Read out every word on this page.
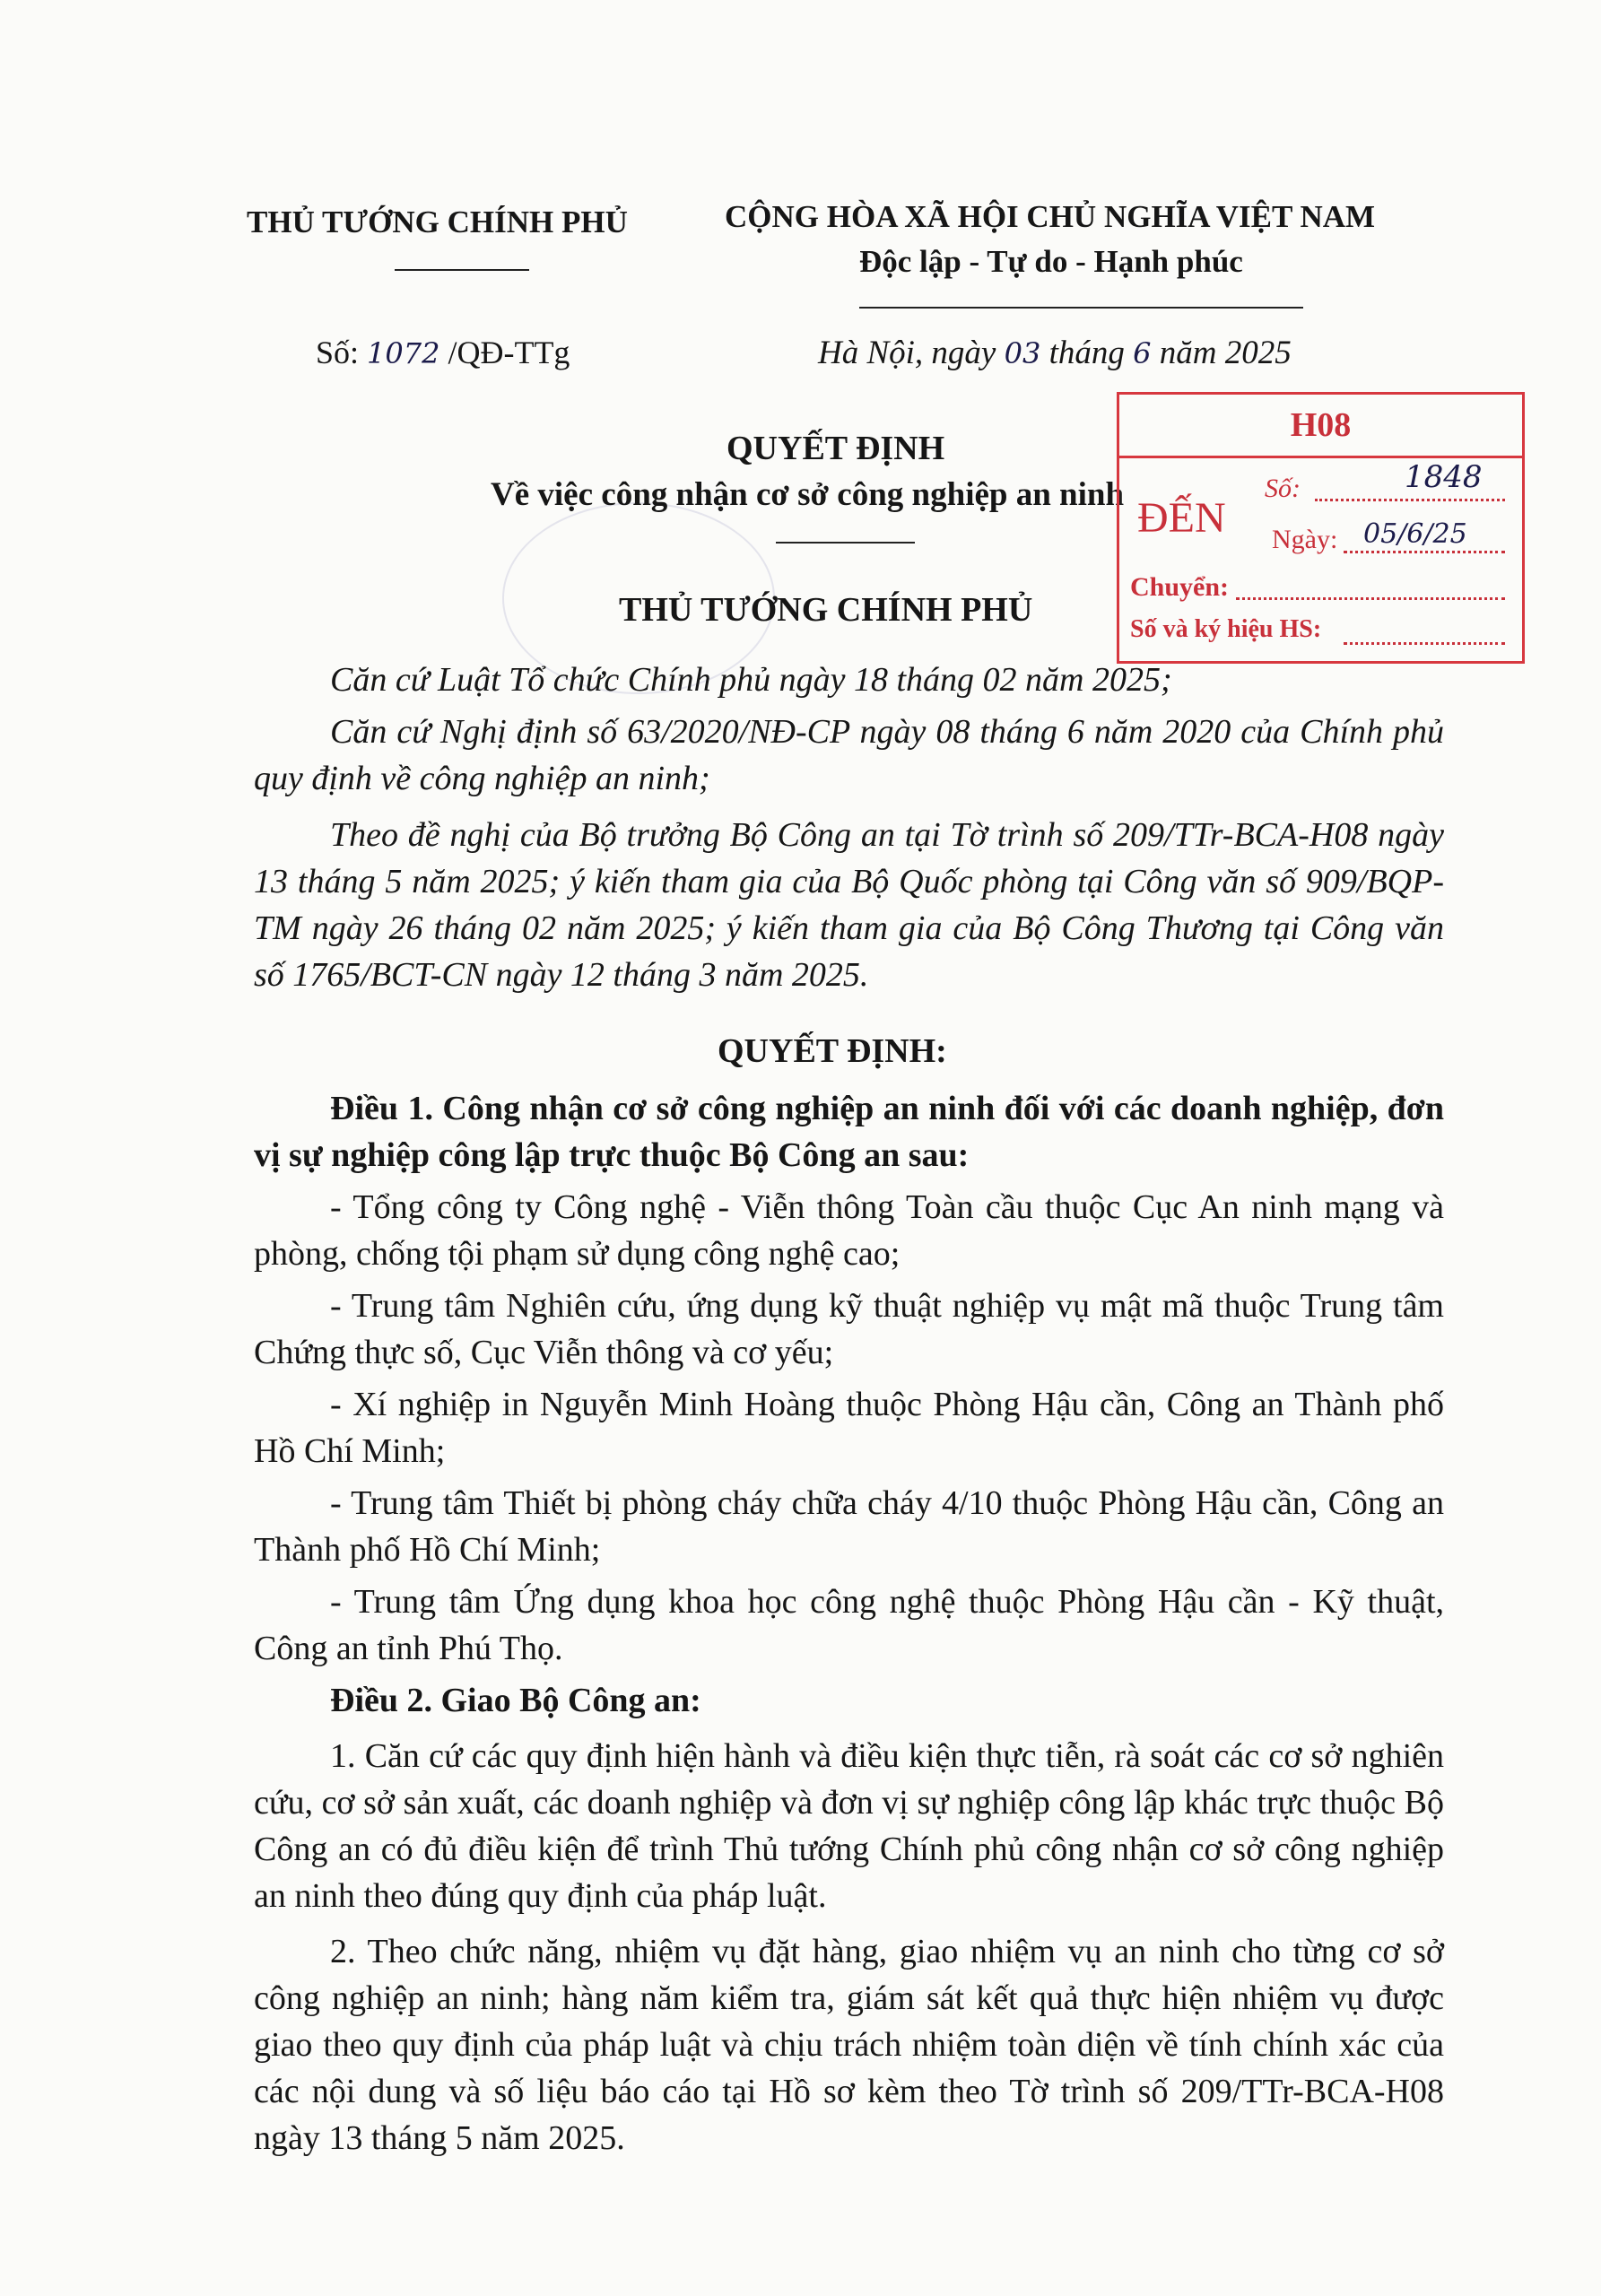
THỦ TƯỚNG CHÍNH PHỦ	CỘNG HÒA XÃ HỘI CHỦ NGHĨA VIỆT NAM
Độc lập - Tự do - Hạnh phúc
Số: 1072 /QĐ-TTg	Hà Nội, ngày 03 tháng 6 năm 2025
QUYẾT ĐỊNH
Về việc công nhận cơ sở công nghiệp an ninh
THỦ TƯỚNG CHÍNH PHỦ
H08
ĐẾN
Số:	1848
Ngày: 05/6/25
Chuyển:
Số và ký hiệu HS:
Căn cứ Luật Tổ chức Chính phủ ngày 18 tháng 02 năm 2025;
Căn cứ Nghị định số 63/2020/NĐ-CP ngày 08 tháng 6 năm 2020 của Chính phủ quy định về công nghiệp an ninh;
Theo đề nghị của Bộ trưởng Bộ Công an tại Tờ trình số 209/TTr-BCA-H08 ngày 13 tháng 5 năm 2025; ý kiến tham gia của Bộ Quốc phòng tại Công văn số 909/BQP-TM ngày 26 tháng 02 năm 2025; ý kiến tham gia của Bộ Công Thương tại Công văn số 1765/BCT-CN ngày 12 tháng 3 năm 2025.
QUYẾT ĐỊNH:
Điều 1. Công nhận cơ sở công nghiệp an ninh đối với các doanh nghiệp, đơn vị sự nghiệp công lập trực thuộc Bộ Công an sau:
- Tổng công ty Công nghệ - Viễn thông Toàn cầu thuộc Cục An ninh mạng và phòng, chống tội phạm sử dụng công nghệ cao;
- Trung tâm Nghiên cứu, ứng dụng kỹ thuật nghiệp vụ mật mã thuộc Trung tâm Chứng thực số, Cục Viễn thông và cơ yếu;
- Xí nghiệp in Nguyễn Minh Hoàng thuộc Phòng Hậu cần, Công an Thành phố Hồ Chí Minh;
- Trung tâm Thiết bị phòng cháy chữa cháy 4/10 thuộc Phòng Hậu cần, Công an Thành phố Hồ Chí Minh;
- Trung tâm Ứng dụng khoa học công nghệ thuộc Phòng Hậu cần - Kỹ thuật, Công an tỉnh Phú Thọ.
Điều 2. Giao Bộ Công an:
1. Căn cứ các quy định hiện hành và điều kiện thực tiễn, rà soát các cơ sở nghiên cứu, cơ sở sản xuất, các doanh nghiệp và đơn vị sự nghiệp công lập khác trực thuộc Bộ Công an có đủ điều kiện để trình Thủ tướng Chính phủ công nhận cơ sở công nghiệp an ninh theo đúng quy định của pháp luật.
2. Theo chức năng, nhiệm vụ đặt hàng, giao nhiệm vụ an ninh cho từng cơ sở công nghiệp an ninh; hàng năm kiểm tra, giám sát kết quả thực hiện nhiệm vụ được giao theo quy định của pháp luật và chịu trách nhiệm toàn diện về tính chính xác của các nội dung và số liệu báo cáo tại Hồ sơ kèm theo Tờ trình số 209/TTr-BCA-H08 ngày 13 tháng 5 năm 2025.
